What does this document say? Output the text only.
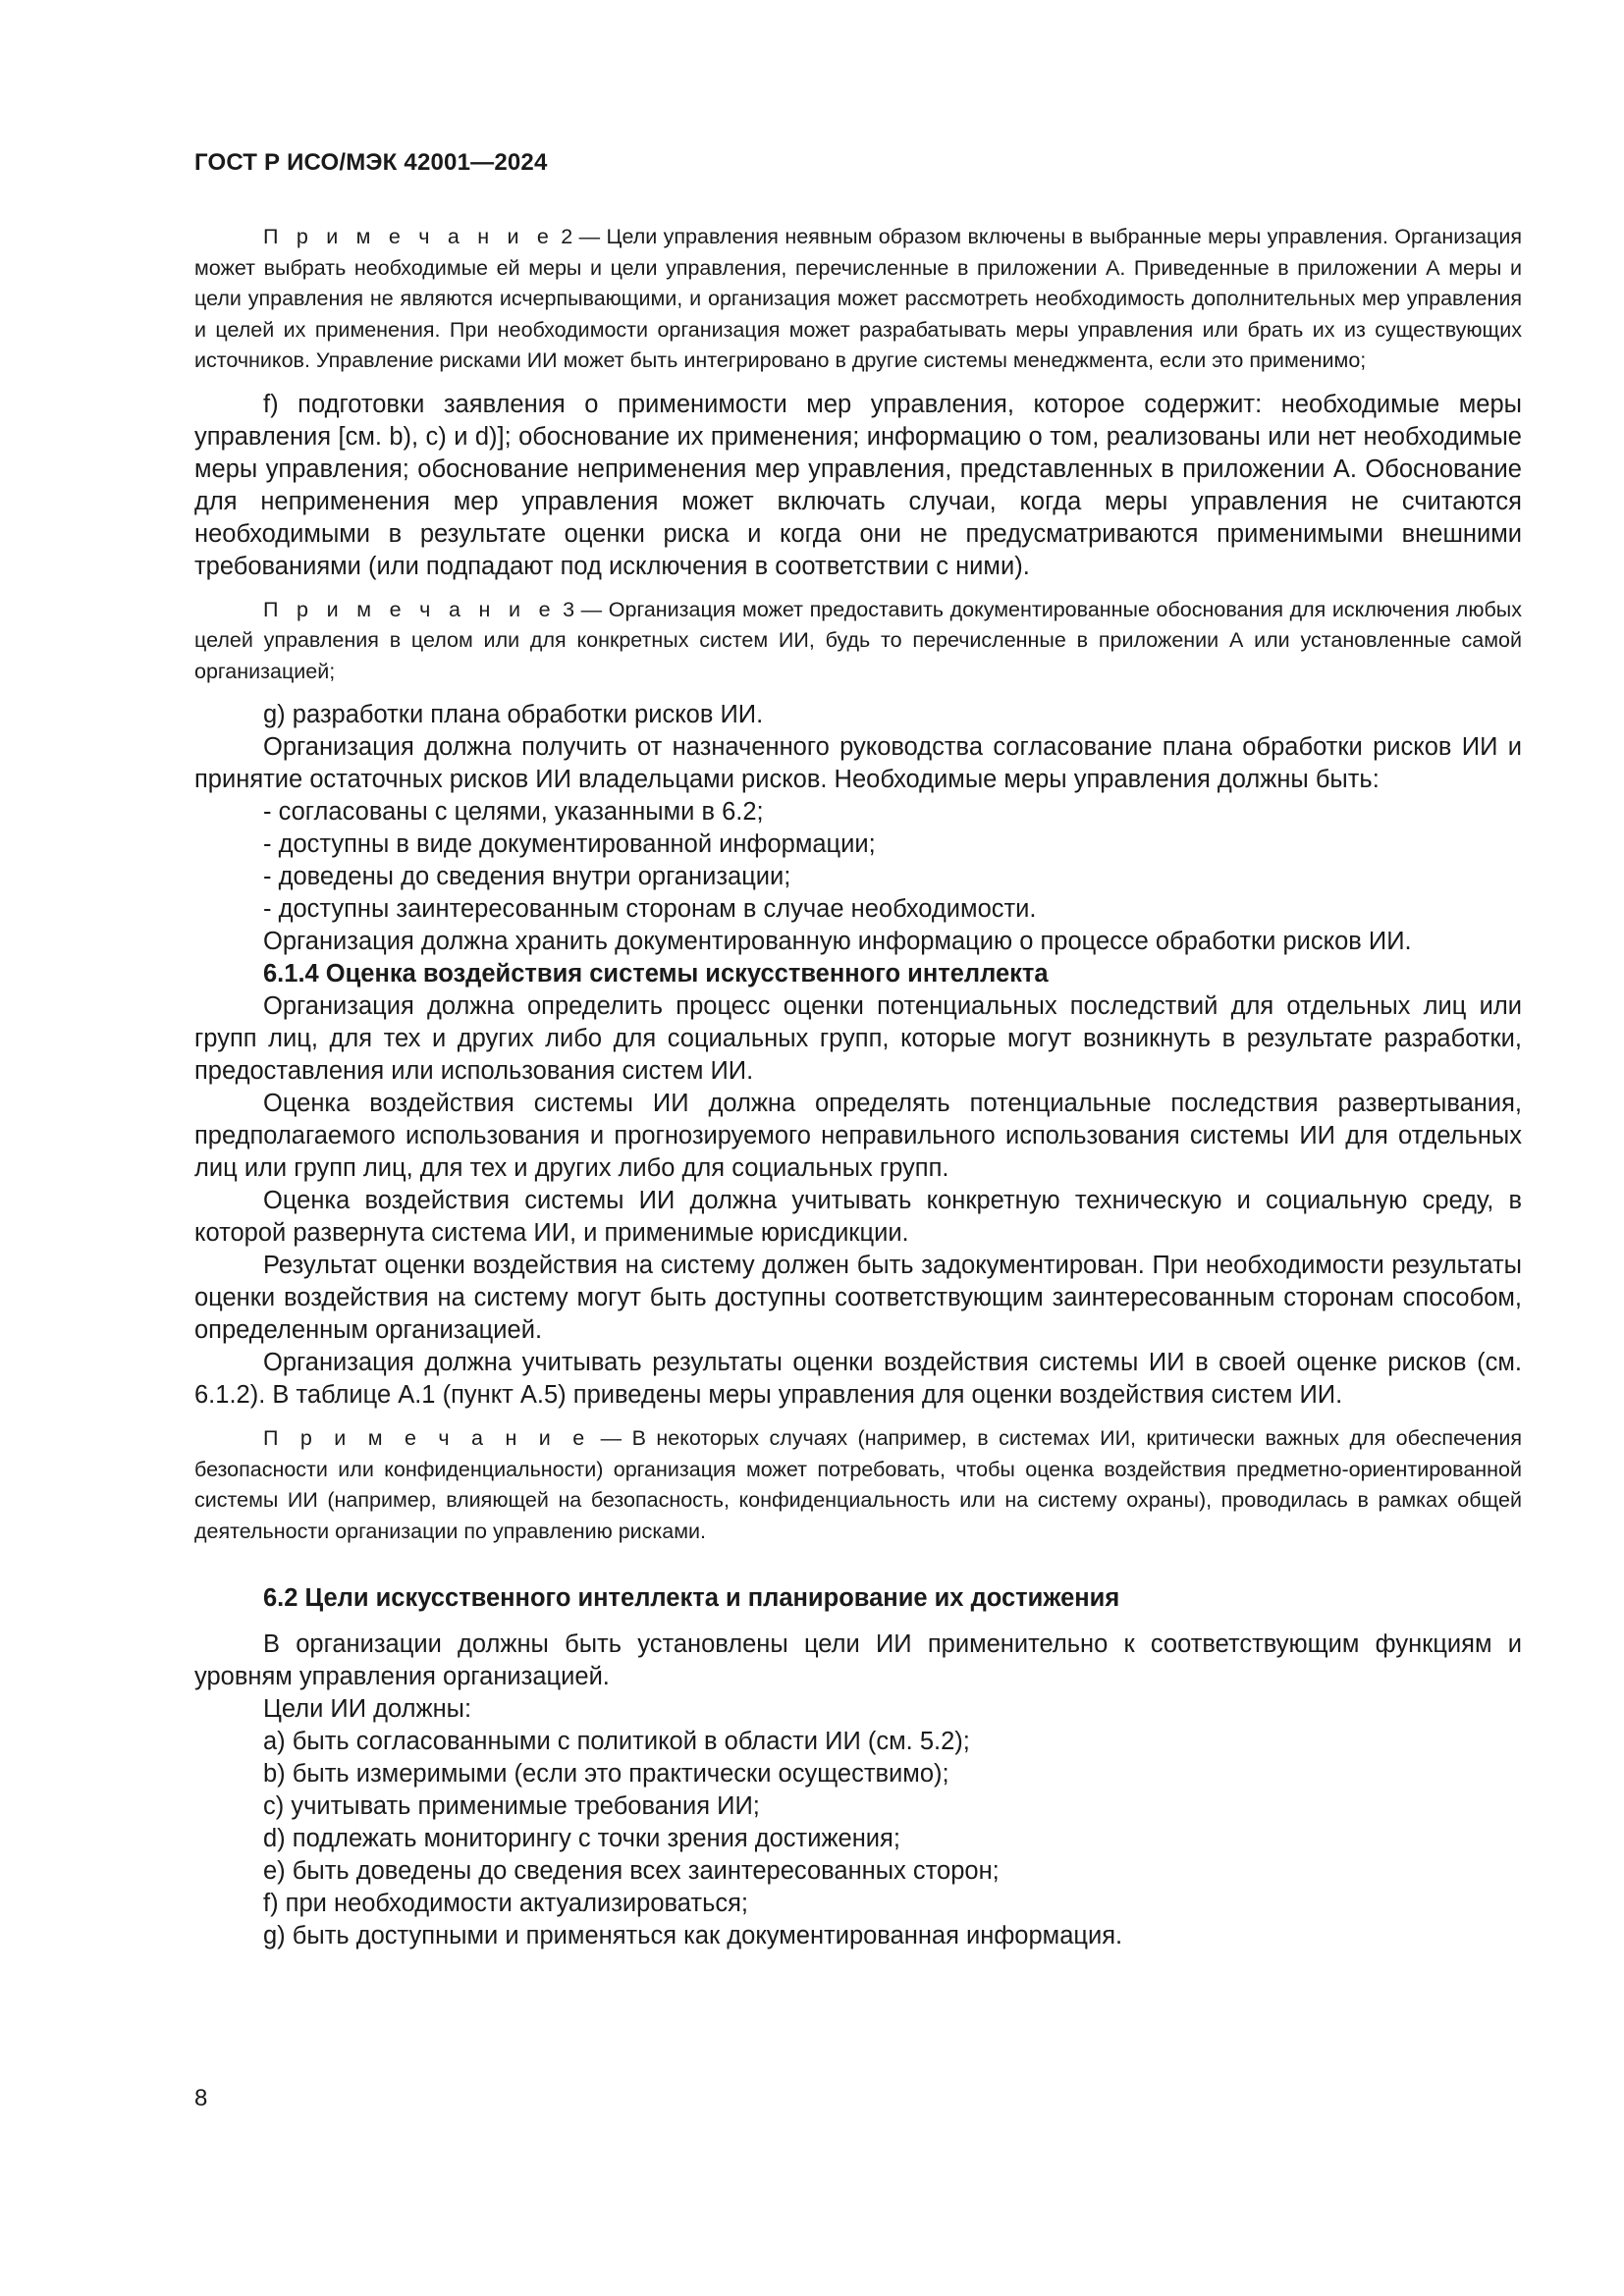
ГОСТ Р ИСО/МЭК 42001—2024

П р и м е ч а н и е 2 — Цели управления неявным образом включены в выбранные меры управления. Организация может выбрать необходимые ей меры и цели управления, перечисленные в приложении А. Приведенные в приложении А меры и цели управления не являются исчерпывающими, и организация может рассмотреть необходимость дополнительных мер управления и целей их применения. При необходимости организация может разрабатывать меры управления или брать их из существующих источников. Управление рисками ИИ может быть интегрировано в другие системы менеджмента, если это применимо;

f) подготовки заявления о применимости мер управления, которое содержит: необходимые меры управления [см. b), с) и d)]; обоснование их применения; информацию о том, реализованы или нет необходимые меры управления; обоснование неприменения мер управления, представленных в приложении А. Обоснование для неприменения мер управления может включать случаи, когда меры управления не считаются необходимыми в результате оценки риска и когда они не предусматриваются применимыми внешними требованиями (или подпадают под исключения в соответствии с ними).

П р и м е ч а н и е 3 — Организация может предоставить документированные обоснования для исключения любых целей управления в целом или для конкретных систем ИИ, будь то перечисленные в приложении А или установленные самой организацией;

g) разработки плана обработки рисков ИИ.

Организация должна получить от назначенного руководства согласование плана обработки рисков ИИ и принятие остаточных рисков ИИ владельцами рисков. Необходимые меры управления должны быть:

- согласованы с целями, указанными в 6.2;

- доступны в виде документированной информации;

- доведены до сведения внутри организации;

- доступны заинтересованным сторонам в случае необходимости.

Организация должна хранить документированную информацию о процессе обработки рисков ИИ.

6.1.4 Оценка воздействия системы искусственного интеллекта

Организация должна определить процесс оценки потенциальных последствий для отдельных лиц или групп лиц, для тех и других либо для социальных групп, которые могут возникнуть в результате разработки, предоставления или использования систем ИИ.

Оценка воздействия системы ИИ должна определять потенциальные последствия развертывания, предполагаемого использования и прогнозируемого неправильного использования системы ИИ для отдельных лиц или групп лиц, для тех и других либо для социальных групп.

Оценка воздействия системы ИИ должна учитывать конкретную техническую и социальную среду, в которой развернута система ИИ, и применимые юрисдикции.

Результат оценки воздействия на систему должен быть задокументирован. При необходимости результаты оценки воздействия на систему могут быть доступны соответствующим заинтересованным сторонам способом, определенным организацией.

Организация должна учитывать результаты оценки воздействия системы ИИ в своей оценке рисков (см. 6.1.2). В таблице А.1 (пункт А.5) приведены меры управления для оценки воздействия систем ИИ.

П р и м е ч а н и е — В некоторых случаях (например, в системах ИИ, критически важных для обеспечения безопасности или конфиденциальности) организация может потребовать, чтобы оценка воздействия предметно-ориентированной системы ИИ (например, влияющей на безопасность, конфиденциальность или на систему охраны), проводилась в рамках общей деятельности организации по управлению рисками.

6.2 Цели искусственного интеллекта и планирование их достижения

В организации должны быть установлены цели ИИ применительно к соответствующим функциям и уровням управления организацией.

Цели ИИ должны:

a) быть согласованными с политикой в области ИИ (см. 5.2);

b) быть измеримыми (если это практически осуществимо);

c) учитывать применимые требования ИИ;

d) подлежать мониторингу с точки зрения достижения;

e) быть доведены до сведения всех заинтересованных сторон;

f) при необходимости актуализироваться;

g) быть доступными и применяться как документированная информация.

8
